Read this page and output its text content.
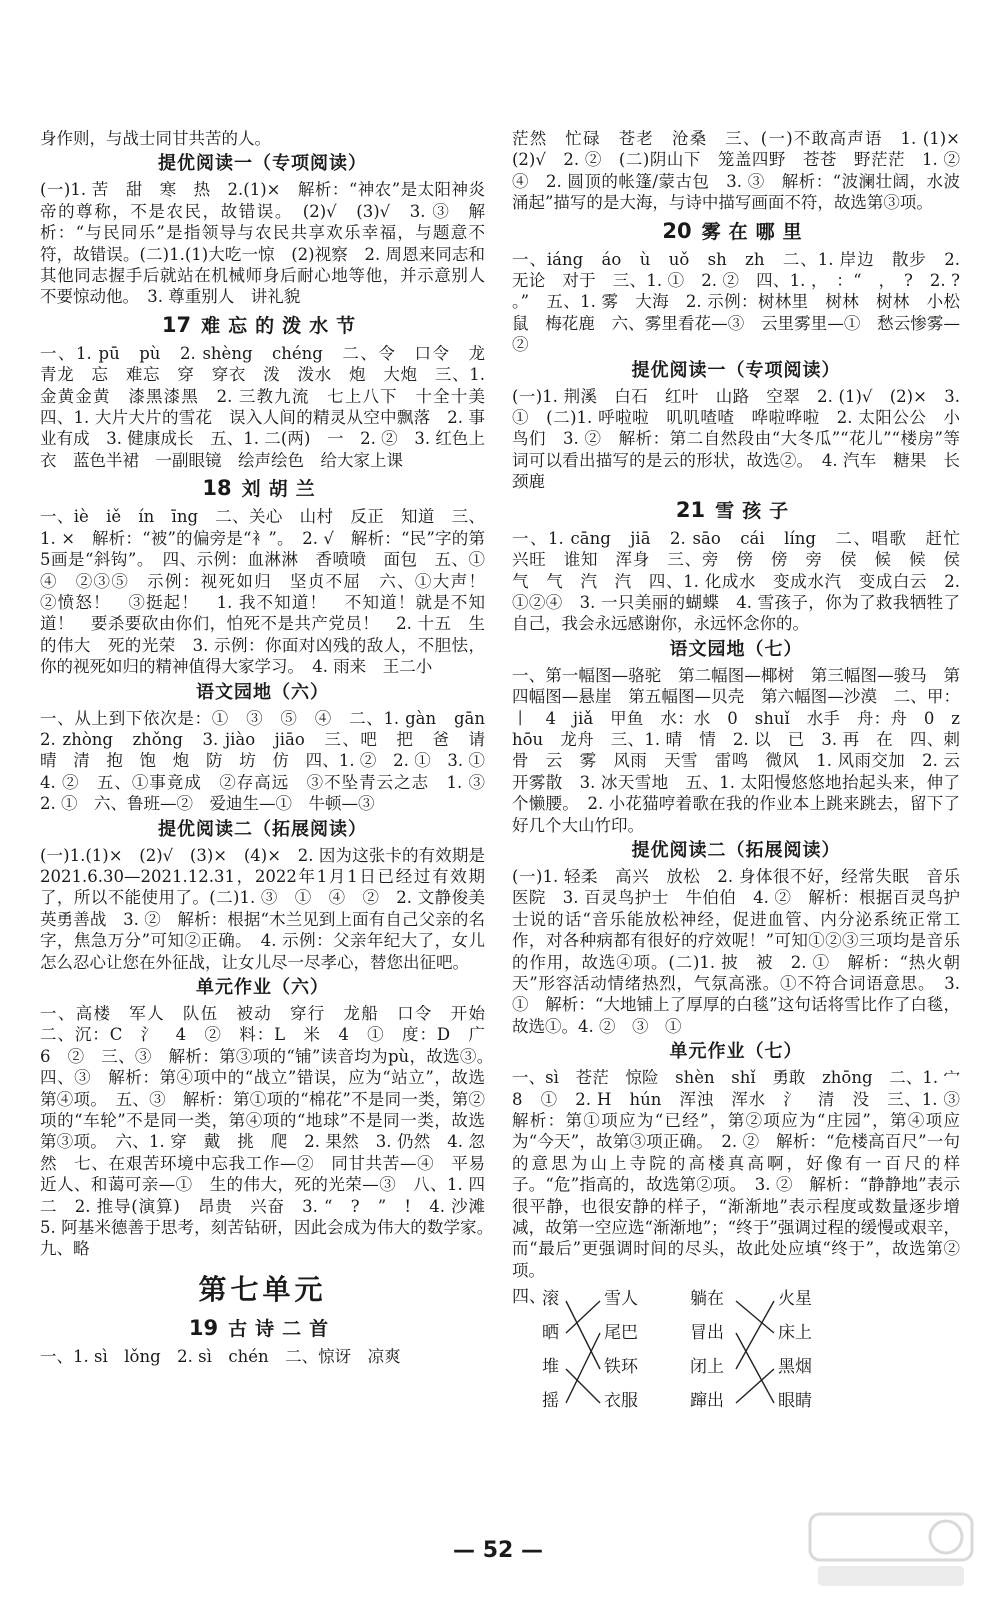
身作则，与战士同甘共苦的人。

提优阅读一（专项阅读）

(一)1. 苦　甜　寒　热　2.(1)×　解析：“神农”是太阳神炎帝的尊称，不是农民，故错误。　(2)√　(3)√　3. ③　解析：“与民同乐”是指领导与农民共享欢乐幸福，与题意不符，故错误。(二)1.(1)大吃一惊　(2)视察　2. 周恩来同志和其他同志握手后就站在机械师身后耐心地等他，并示意别人不要惊动他。　3. 尊重别人　讲礼貌

17 难忘的泼水节

一、1. pū　pù　2. shèng　chéng　二、令　口令　龙　青龙　忘　难忘　穿　穿衣　泼　泼水　炮　大炮　三、1. 金黄金黄　漆黑漆黑　2. 三教九流　七上八下　十全十美　四、1. 大片大片的雪花　误入人间的精灵从空中飘落　2. 事业有成　3. 健康成长　五、1. 二(两)　一　2. ②　3. 红色上衣　蓝色半裙　一副眼镜　绘声绘色　给大家上课

18 刘胡兰

一、iè　iě　ín　īng　二、关心　山村　反正　知道　三、1. ×　解析：“被”的偏旁是“衤”。　2. √　解析：“民”字的第5画是“斜钩”。　四、示例：血淋淋　香喷喷　面包　五、①④　②③⑤　示例：视死如归　坚贞不屈　六、①大声！　②愤怒！　③挺起！　1. 我不知道！　不知道！就是不知道！　要杀要砍由你们，怕死不是共产党员！　2. 十五　生的伟大　死的光荣　3. 示例：你面对凶残的敌人，不胆怯，你的视死如归的精神值得大家学习。　4. 雨来　王二小

语文园地（六）

一、从上到下依次是：①　③　⑤　④　二、1. gàn　gān　2. zhòng　zhǒng　3. jiào　jiāo　三、吧　把　爸　请　晴　清　抱　饱　炮　防　坊　仿　四、1. ②　2. ①　3. ①　4. ②　五、①事竟成　②存高远　③不坠青云之志　1. ③　2. ①　六、鲁班—②　爱迪生—①　牛顿—③

提优阅读二（拓展阅读）

(一)1.(1)×　(2)√　(3)×　(4)×　2. 因为这张卡的有效期是2021.6.30—2021.12.31，2022年1月1日已经过有效期了，所以不能使用了。(二)1. ③　①　④　②　2. 文静俊美　英勇善战　3. ②　解析：根据“木兰见到上面有自己父亲的名字，焦急万分”可知②正确。　4. 示例：父亲年纪大了，女儿怎么忍心让您在外征战，让女儿尽一尽孝心，替您出征吧。

单元作业（六）

一、高楼　军人　队伍　被动　穿行　龙船　口令　开始　二、沉：C　氵　4　②　料：L　米　4　①　度：D　广　6　②　三、③　解析：第③项的“铺”读音均为pù，故选③。　四、③　解析：第④项中的“战立”错误，应为“站立”，故选第④项。　五、③　解析：第①项的“棉花”不是同一类，第②项的“车轮”不是同一类，第④项的“地球”不是同一类，故选第③项。　六、1. 穿　戴　挑　爬　2. 果然　3. 仍然　4. 忽然　七、在艰苦环境中忘我工作—②　同甘共苦—④　平易近人、和蔼可亲—①　生的伟大，死的光荣—③　八、1. 四　二　2. 推导(演算)　昂贵　兴奋　3. “　?　”　!　4. 沙滩　5. 阿基米德善于思考，刻苦钻研，因此会成为伟大的数学家。　九、略

第七单元
19 古诗二首

一、1. sì　lǒng　2. sì　chén　二、惊讶　凉爽

茫然　忙碌　苍老　沧桑　三、(一)不敢高声语　1. (1)×　(2)√　2. ②　(二)阴山下　笼盖四野　苍苍　野茫茫　1. ②　④　2. 圆顶的帐篷/蒙古包　3. ③　解析：“波澜壮阔，水波涌起”描写的是大海，与诗中描写画面不符，故选第③项。

20 雾在哪里

一、iáng　áo　ù　uǒ　sh　zh　二、1. 岸边　散步　2. 无论　对于　三、1. ①　2. ②　四、1. ，　：“　，　?　2. ?　。”　五、1. 雾　大海　2. 示例：树林里　树林　树林　小松鼠　梅花鹿　六、雾里看花—③　云里雾里—①　愁云惨雾—②

提优阅读一（专项阅读）

(一)1. 荆溪　白石　红叶　山路　空翠　2. (1)√　(2)×　3. ①　(二)1. 呼啦啦　叽叽喳喳　哗啦哗啦　2. 太阳公公　小鸟们　3. ②　解析：第二自然段由“大冬瓜”“花儿”“楼房”等词可以看出描写的是云的形状，故选②。　4. 汽车　糖果　长颈鹿

21 雪孩子

一、1. cāng　jiā　2. sāo　cái　líng　二、唱歌　赶忙　兴旺　谁知　浑身　三、旁　傍　傍　旁　侯　候　候　侯　气　气　汽　汽　四、1. 化成水　变成水汽　变成白云　2. ①②④　3. 一只美丽的蝴蝶　4. 雪孩子，你为了救我牺牲了自己，我会永远感谢你，永远怀念你的。

语文园地（七）

一、第一幅图—骆驼　第二幅图—椰树　第三幅图—骏马　第四幅图—悬崖　第五幅图—贝壳　第六幅图—沙漠　二、甲：丨　4　jiǎ　甲鱼　水：水　0　shuǐ　水手　舟：舟　0　zhōu　龙舟　三、1. 晴　情　2. 以　已　3. 再　在　四、刺骨　云　雾　风雨　天雪　雷鸣　微风　1. 风雨交加　2. 云开雾散　3. 冰天雪地　五、1. 太阳慢悠悠地抬起头来，伸了个懒腰。　2. 小花猫哼着歌在我的作业本上跳来跳去，留下了好几个大山竹印。

提优阅读二（拓展阅读）

(一)1. 轻柔　高兴　放松　2. 身体很不好，经常失眠　音乐医院　3. 百灵鸟护士　牛伯伯　4. ②　解析：根据百灵鸟护士说的话“音乐能放松神经，促进血管、内分泌系统正常工作，对各种病都有很好的疗效呢！”可知①②③三项均是音乐的作用，故选④项。(二)1. 披　被　2. ①　解析：“热火朝天”形容活动情绪热烈，气氛高涨。①不符合词语意思。　3. ①　解析：“大地铺上了厚厚的白毯”这句话将雪比作了白毯，故选①。4. ②　③　①

单元作业（七）

一、sì　苍茫　惊险　shèn　shǐ　勇敢　zhōng　二、1. 宀　8　①　2. H　hún　浑浊　浑水　氵　清　没　三、1. ③　解析：第①项应为“已经”，第②项应为“庄园”，第④项应为“今天”，故第③项正确。　2. ②　解析：“危楼高百尺”一句的意思为山上寺院的高楼真高啊，好像有一百尺的样子。“危”指高的，故选第②项。　3. ②　解析：“静静地”表示很平静，也很安静的样子，“渐渐地”表示程度或数量逐步增减，故第一空应选“渐渐地”；“终于”强调过程的缓慢或艰辛，而“最后”更强调时间的尽头，故此处应填“终于”，故选第②项。

四、
滚
晒
堆
摇
雪人
尾巴
铁环
衣服
躺在
冒出
闭上
蹿出
火星
床上
黑烟
眼睛
— 52 —
